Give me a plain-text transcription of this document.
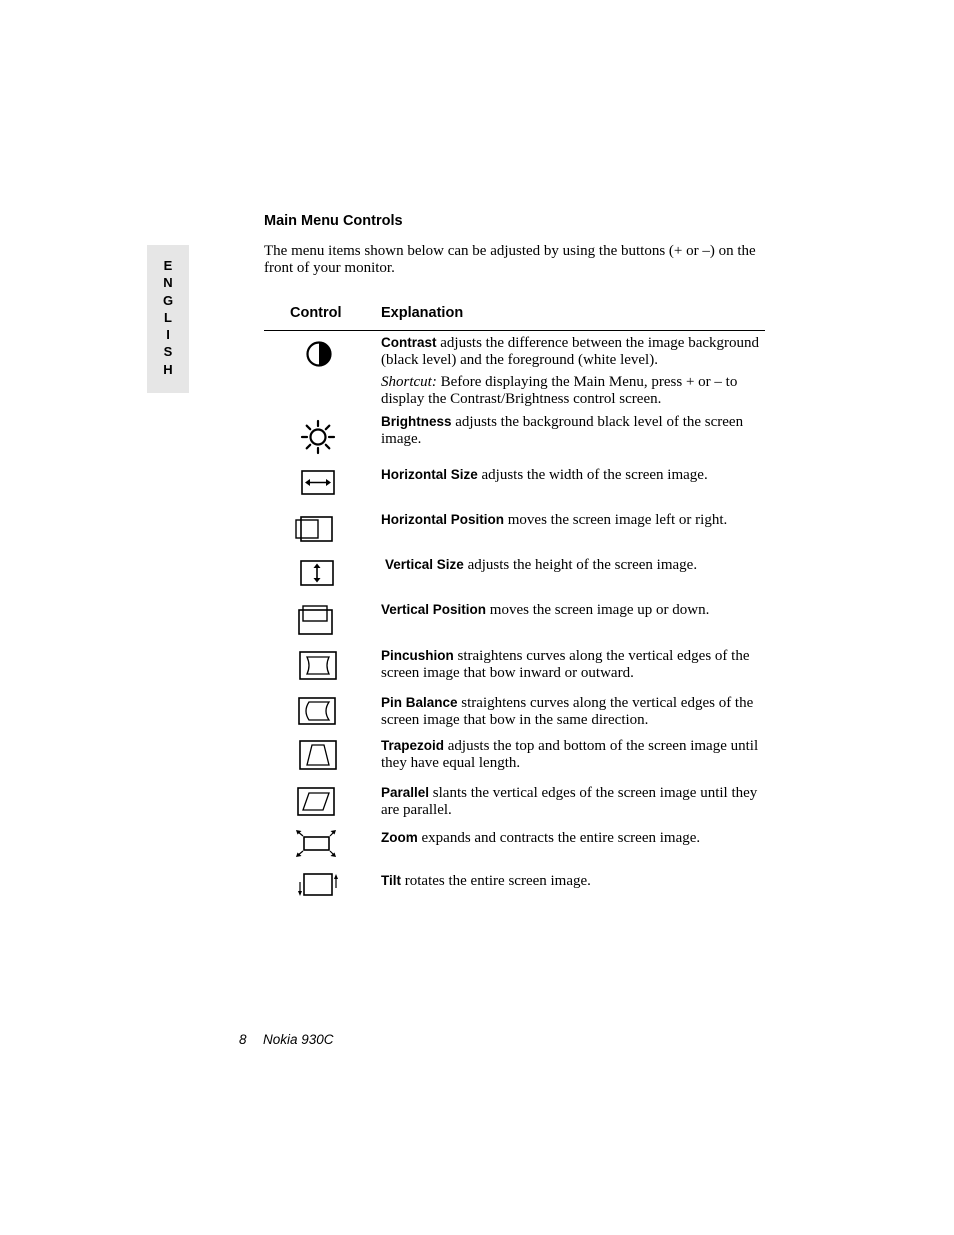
E
N
G
L
I
S
H
Main Menu Controls
The menu items shown below can be adjusted by using the buttons (+ or –) on the front of your monitor.
Control	Explanation
Contrast adjusts the difference between the image background (black level) and the foreground (white level).
Shortcut: Before displaying the Main Menu, press + or – to display the Contrast/Brightness control screen.
Brightness adjusts the background black level of the screen image.
Horizontal Size adjusts the width of the screen image.
Horizontal Position moves the screen image left or right.
Vertical Size adjusts the height of the screen image.
Vertical Position moves the screen image up or down.
Pincushion straightens curves along the vertical edges of the screen image that bow inward or outward.
Pin Balance straightens curves along the vertical edges of the screen image that bow in the same direction.
Trapezoid adjusts the top and bottom of the screen image until they have equal length.
Parallel slants the vertical edges of the screen image until they are parallel.
Zoom expands and contracts the entire screen image.
Tilt rotates the entire screen image.
8 Nokia 930C
